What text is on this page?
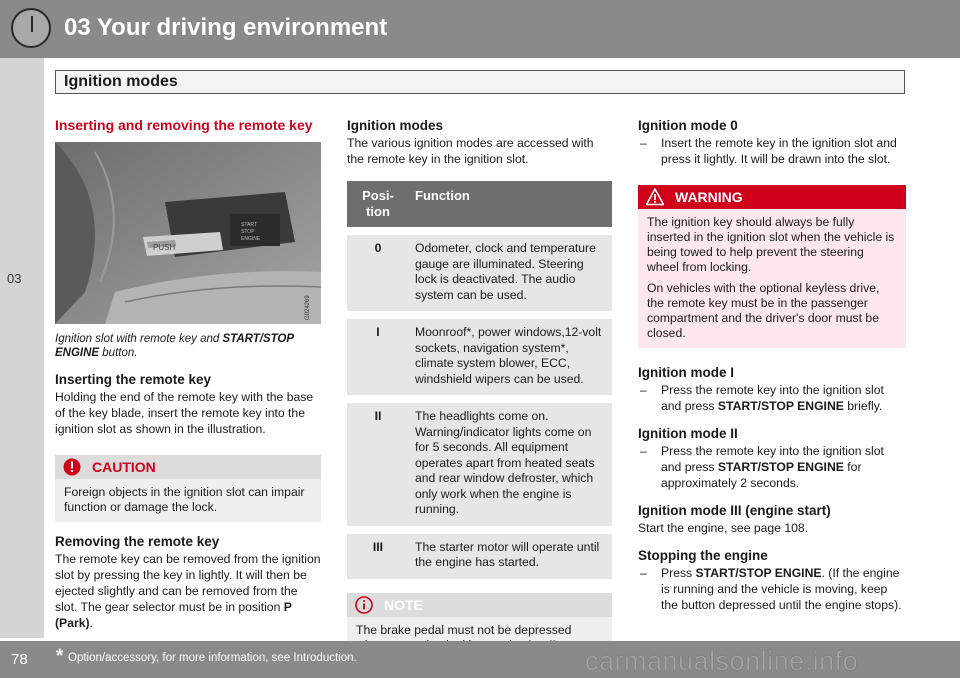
03 Your driving environment
Ignition modes
03
Inserting and removing the remote key
PUSH
START
STOP
ENGINE
G024269
Ignition slot with remote key and START/STOP ENGINE button.
Inserting the remote key
Holding the end of the remote key with the base of the key blade, insert the remote key into the ignition slot as shown in the illustration.
CAUTION
Foreign objects in the ignition slot can impair function or damage the lock.
Removing the remote key
The remote key can be removed from the ignition slot by pressing the key in lightly. It will then be ejected slightly and can be removed from the slot. The gear selector must be in position P (Park).
Ignition modes
The various ignition modes are accessed with the remote key in the ignition slot.
Posi-
tion	Function
0	Odometer, clock and temperature gauge are illuminated. Steering lock is deactivated. The audio system can be used.
I	Moonroof*, power windows,12-volt sockets, navigation system*, climate system blower, ECC, windshield wipers can be used.
II	The headlights come on. Warning/indicator lights come on for 5 seconds. All equipment operates apart from heated seats and rear window defroster, which only work when the engine is running.
III	The starter motor will operate until the engine has started.
NOTE
The brake pedal must not be depressed
Ignition mode 0
– Insert the remote key in the ignition slot and press it lightly. It will be drawn into the slot.
WARNING

The ignition key should always be fully inserted in the ignition slot when the vehicle is being towed to help prevent the steering wheel from locking.

On vehicles with the optional keyless drive, the remote key must be in the passenger compartment and the driver's door must be closed.

Ignition mode I
– Press the remote key into the ignition slot and press START/STOP ENGINE briefly.
Ignition mode II
– Press the remote key into the ignition slot and press START/STOP ENGINE for approximately 2 seconds.
Ignition mode III (engine start)
Start the engine, see page 108.
Stopping the engine
– Press START/STOP ENGINE. (If the engine is running and the vehicle is moving, keep the button depressed until the engine stops).
78 * Option/accessory, for more information, see Introduction.	carmanualsonline.info
